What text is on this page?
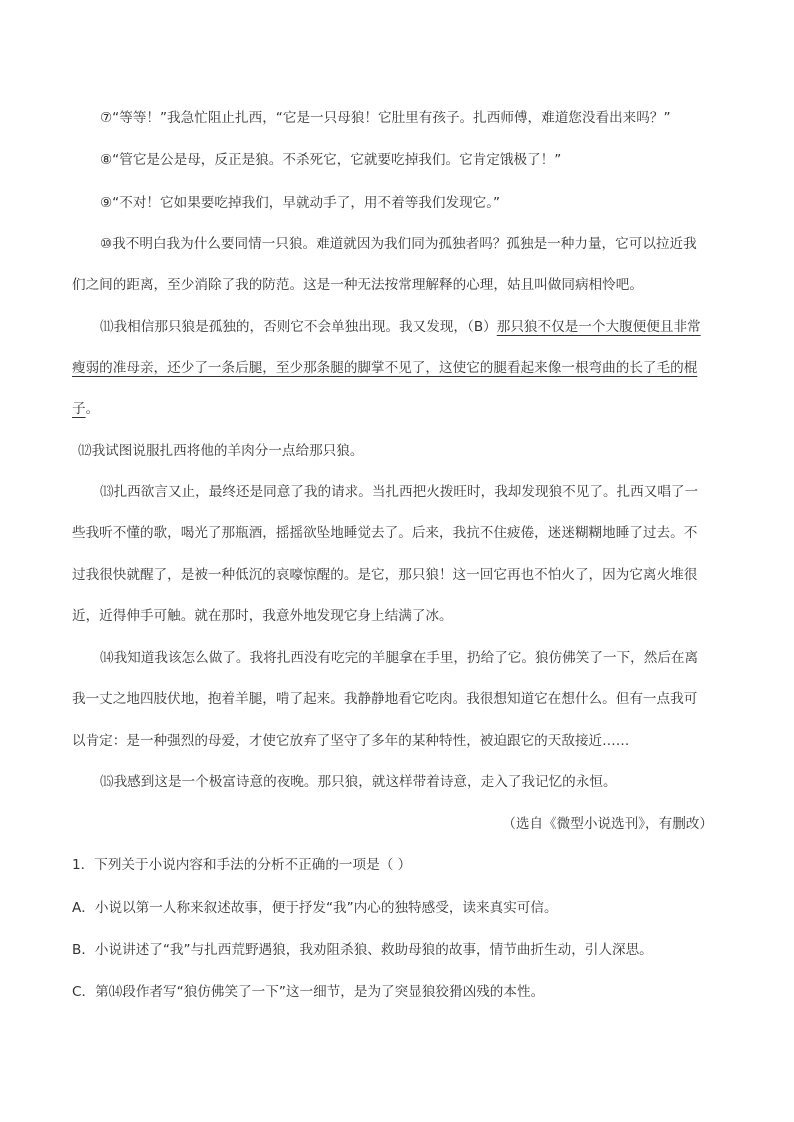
⑦“等等！”我急忙阻止扎西，“它是一只母狼！它肚里有孩子。扎西师傅，难道您没看出来吗？”
⑧“管它是公是母，反正是狼。不杀死它，它就要吃掉我们。它肯定饿极了！”
⑨“不对！它如果要吃掉我们，早就动手了，用不着等我们发现它。”
⑩我不明白我为什么要同情一只狼。难道就因为我们同为孤独者吗？孤独是一种力量，它可以拉近我
们之间的距离，至少消除了我的防范。这是一种无法按常理解释的心理，姑且叫做同病相怜吧。
⑾我相信那只狼是孤独的，否则它不会单独出现。我又发现，（B）那只狼不仅是一个大腹便便且非常
瘦弱的准母亲，还少了一条后腿，至少那条腿的脚掌不见了，这使它的腿看起来像一根弯曲的长了毛的棍
子。
⑿我试图说服扎西将他的羊肉分一点给那只狼。
⒀扎西欲言又止，最终还是同意了我的请求。当扎西把火拨旺时，我却发现狼不见了。扎西又唱了一
些我听不懂的歌，喝光了那瓶酒，摇摇欲坠地睡觉去了。后来，我抗不住疲倦，迷迷糊糊地睡了过去。不
过我很快就醒了，是被一种低沉的哀嚎惊醒的。是它，那只狼！这一回它再也不怕火了，因为它离火堆很
近，近得伸手可触。就在那时，我意外地发现它身上结满了冰。
⒁我知道我该怎么做了。我将扎西没有吃完的羊腿拿在手里，扔给了它。狼仿佛笑了一下，然后在离
我一丈之地四肢伏地，抱着羊腿，啃了起来。我静静地看它吃肉。我很想知道它在想什么。但有一点我可
以肯定：是一种强烈的母爱，才使它放弃了坚守了多年的某种特性，被迫跟它的天敌接近……
⒂我感到这是一个极富诗意的夜晚。那只狼，就这样带着诗意，走入了我记忆的永恒。
（选自《微型小说选刊》，有删改）
1．下列关于小说内容和手法的分析不正确的一项是（ ）
A．小说以第一人称来叙述故事，便于抒发“我”内心的独特感受，读来真实可信。
B．小说讲述了“我”与扎西荒野遇狼，我劝阻杀狼、救助母狼的故事，情节曲折生动，引人深思。
C．第⒁段作者写“狼仿佛笑了一下”这一细节，是为了突显狼狡猾凶残的本性。
